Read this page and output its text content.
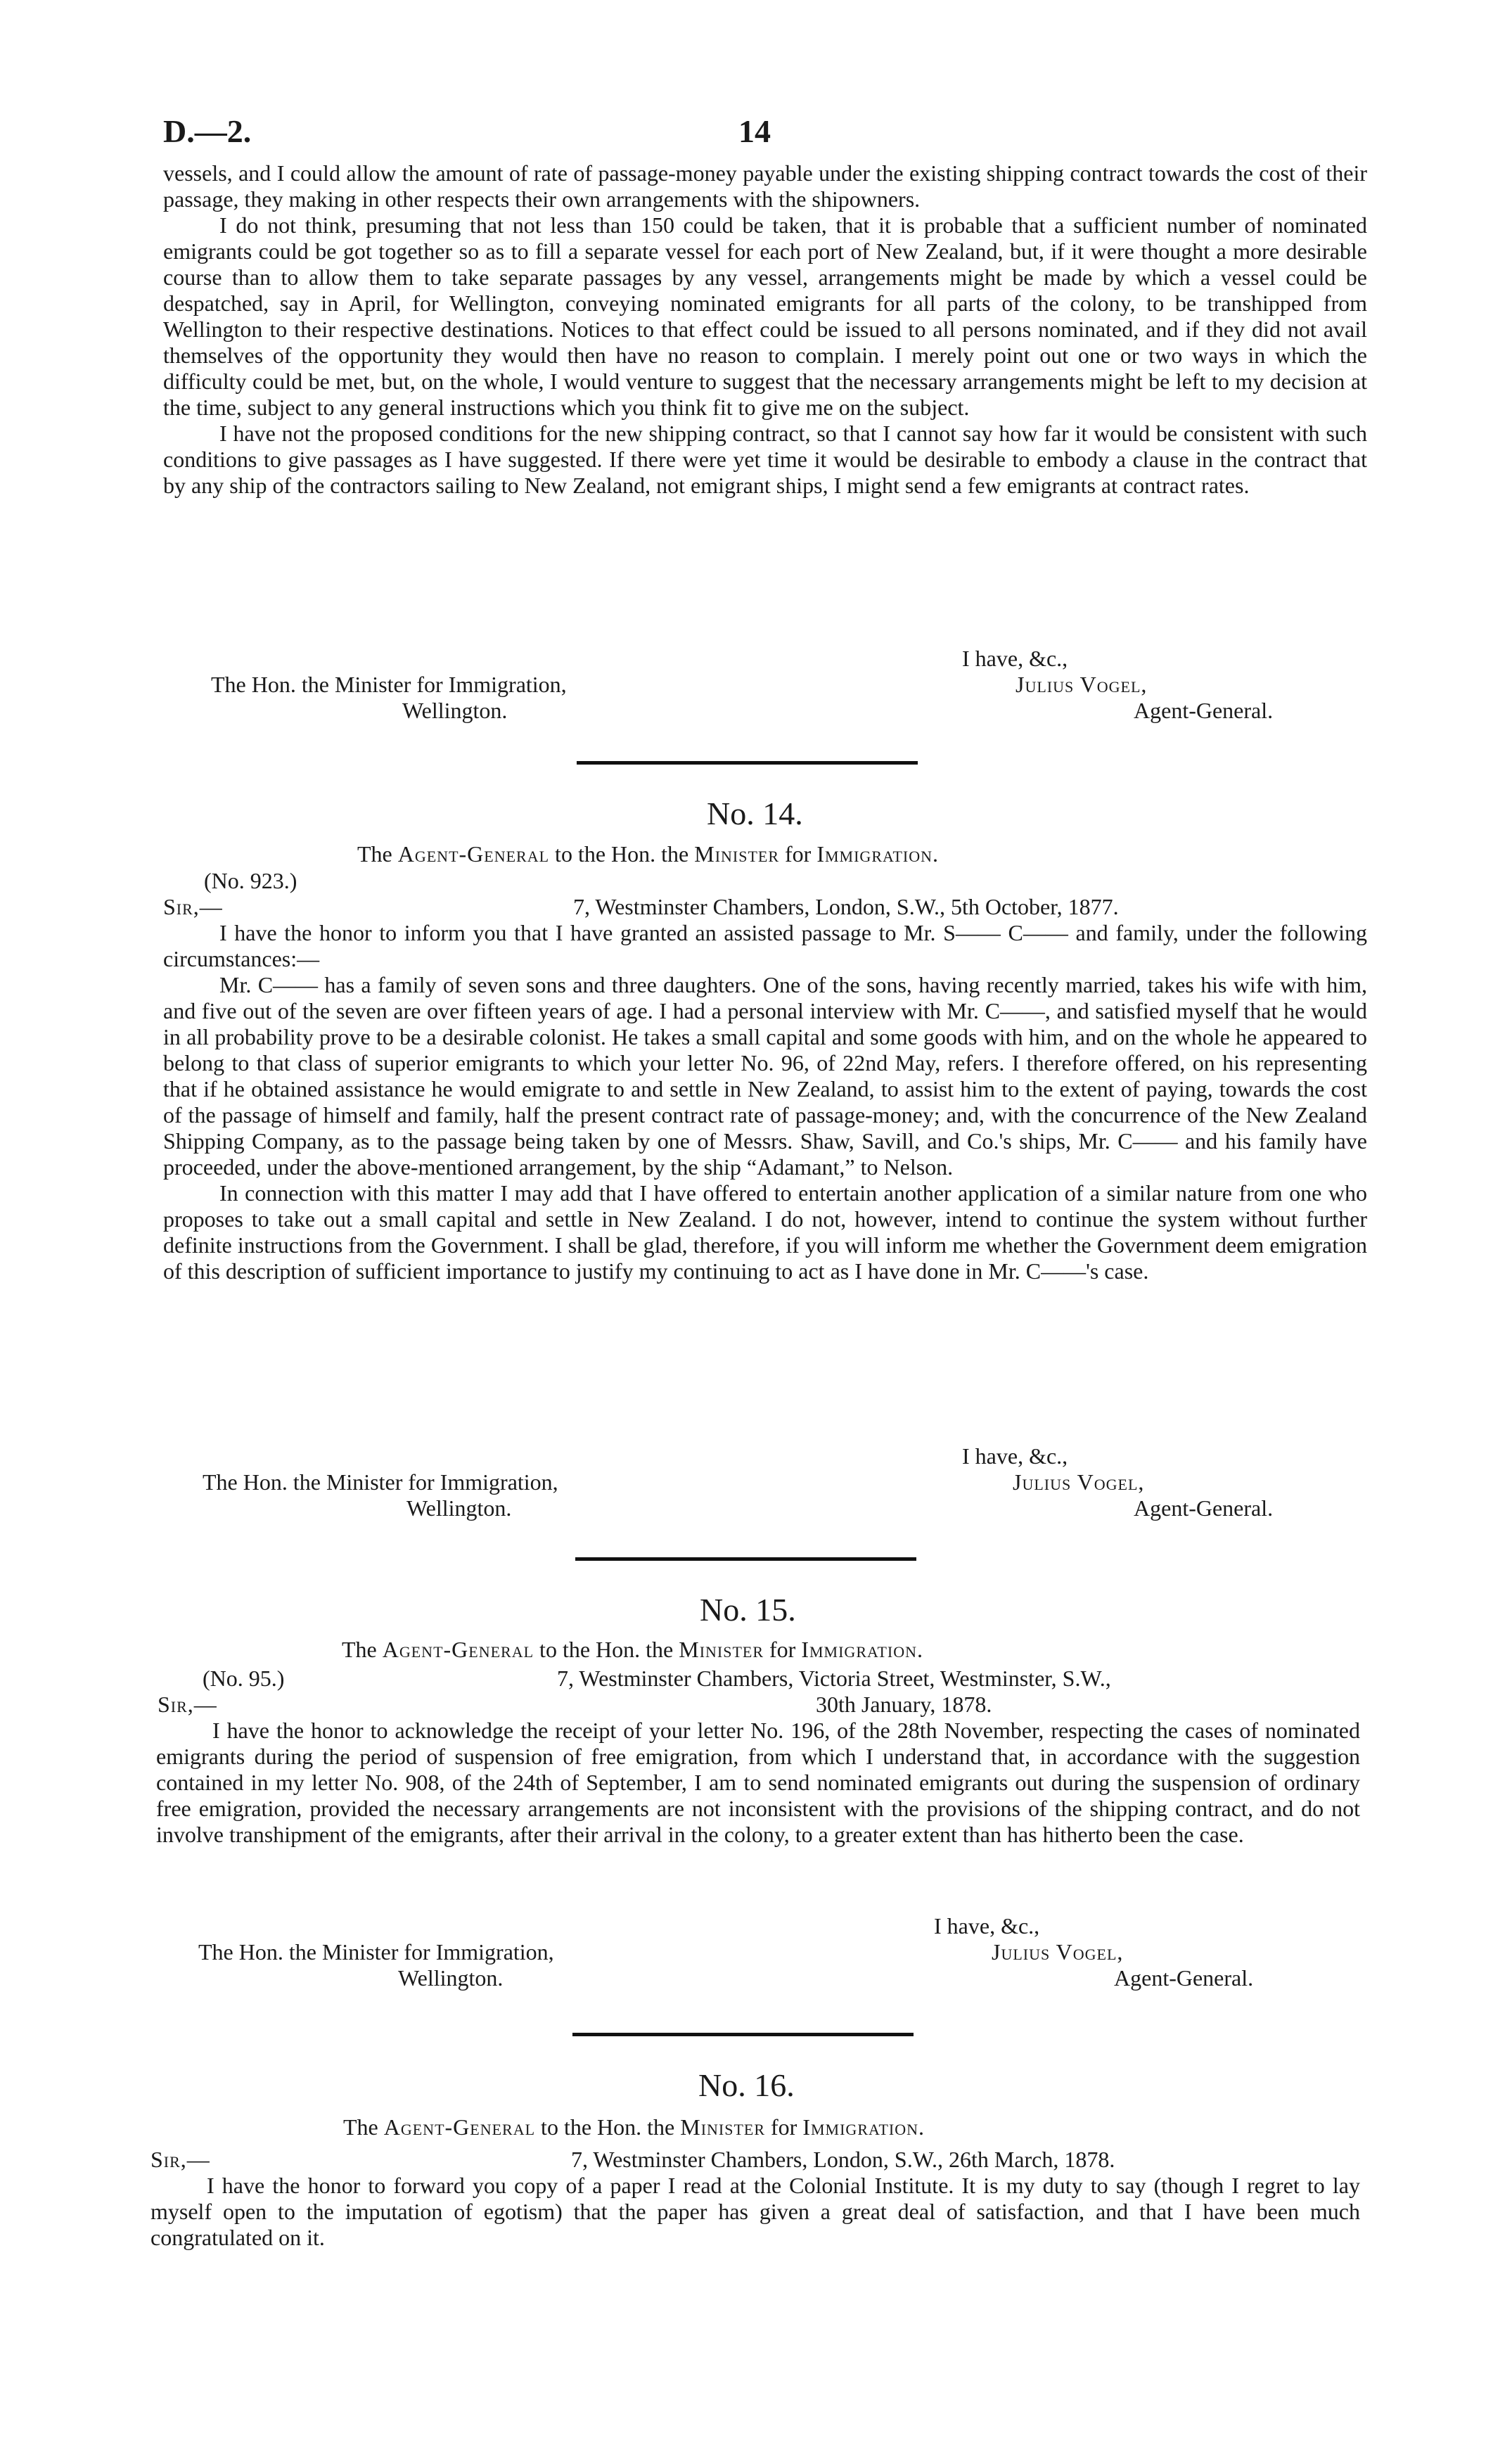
D.—2.	14

vessels, and I could allow the amount of rate of passage-money payable under the existing shipping contract towards the cost of their passage, they making in other respects their own arrangements with the shipowners.

I do not think, presuming that not less than 150 could be taken, that it is probable that a sufficient number of nominated emigrants could be got together so as to fill a separate vessel for each port of New Zealand, but, if it were thought a more desirable course than to allow them to take separate passages by any vessel, arrangements might be made by which a vessel could be despatched, say in April, for Wellington, conveying nominated emigrants for all parts of the colony, to be transhipped from Wellington to their respective destinations. Notices to that effect could be issued to all persons nominated, and if they did not avail themselves of the opportunity they would then have no reason to complain. I merely point out one or two ways in which the difficulty could be met, but, on the whole, I would venture to suggest that the necessary arrangements might be left to my decision at the time, subject to any general instructions which you think fit to give me on the subject.

I have not the proposed conditions for the new shipping contract, so that I cannot say how far it would be consistent with such conditions to give passages as I have suggested. If there were yet time it would be desirable to embody a clause in the contract that by any ship of the contractors sailing to New Zealand, not emigrant ships, I might send a few emigrants at contract rates.

I have, &c.,
The Hon. the Minister for Immigration,	Julius Vogel,
Wellington.	Agent-General.
No. 14.
The Agent-General to the Hon. the Minister for Immigration.
(No. 923.)
Sir,—	7, Westminster Chambers, London, S.W., 5th October, 1877.

I have the honor to inform you that I have granted an assisted passage to Mr. S—— C—— and family, under the following circumstances:—

Mr. C—— has a family of seven sons and three daughters. One of the sons, having recently married, takes his wife with him, and five out of the seven are over fifteen years of age. I had a personal interview with Mr. C——, and satisfied myself that he would in all probability prove to be a desirable colonist. He takes a small capital and some goods with him, and on the whole he appeared to belong to that class of superior emigrants to which your letter No. 96, of 22nd May, refers. I therefore offered, on his representing that if he obtained assistance he would emigrate to and settle in New Zealand, to assist him to the extent of paying, towards the cost of the passage of himself and family, half the present contract rate of passage-money; and, with the concurrence of the New Zealand Shipping Company, as to the passage being taken by one of Messrs. Shaw, Savill, and Co.'s ships, Mr. C—— and his family have proceeded, under the above-mentioned arrangement, by the ship “Adamant,” to Nelson.

In connection with this matter I may add that I have offered to entertain another application of a similar nature from one who proposes to take out a small capital and settle in New Zealand. I do not, however, intend to continue the system without further definite instructions from the Government. I shall be glad, therefore, if you will inform me whether the Government deem emigration of this description of sufficient importance to justify my continuing to act as I have done in Mr. C——'s case.

I have, &c.,
The Hon. the Minister for Immigration,	Julius Vogel,
Wellington.	Agent-General.
No. 15.
The Agent-General to the Hon. the Minister for Immigration.
(No. 95.)	7, Westminster Chambers, Victoria Street, Westminster, S.W.,
Sir,—	30th January, 1878.

I have the honor to acknowledge the receipt of your letter No. 196, of the 28th November, respecting the cases of nominated emigrants during the period of suspension of free emigration, from which I understand that, in accordance with the suggestion contained in my letter No. 908, of the 24th of September, I am to send nominated emigrants out during the suspension of ordinary free emigration, provided the necessary arrangements are not inconsistent with the provisions of the shipping contract, and do not involve transhipment of the emigrants, after their arrival in the colony, to a greater extent than has hitherto been the case.

I have, &c.,
The Hon. the Minister for Immigration,	Julius Vogel,
Wellington.	Agent-General.
No. 16.
The Agent-General to the Hon. the Minister for Immigration.
Sir,—	7, Westminster Chambers, London, S.W., 26th March, 1878.

I have the honor to forward you copy of a paper I read at the Colonial Institute. It is my duty to say (though I regret to lay myself open to the imputation of egotism) that the paper has given a great deal of satisfaction, and that I have been much congratulated on it.
